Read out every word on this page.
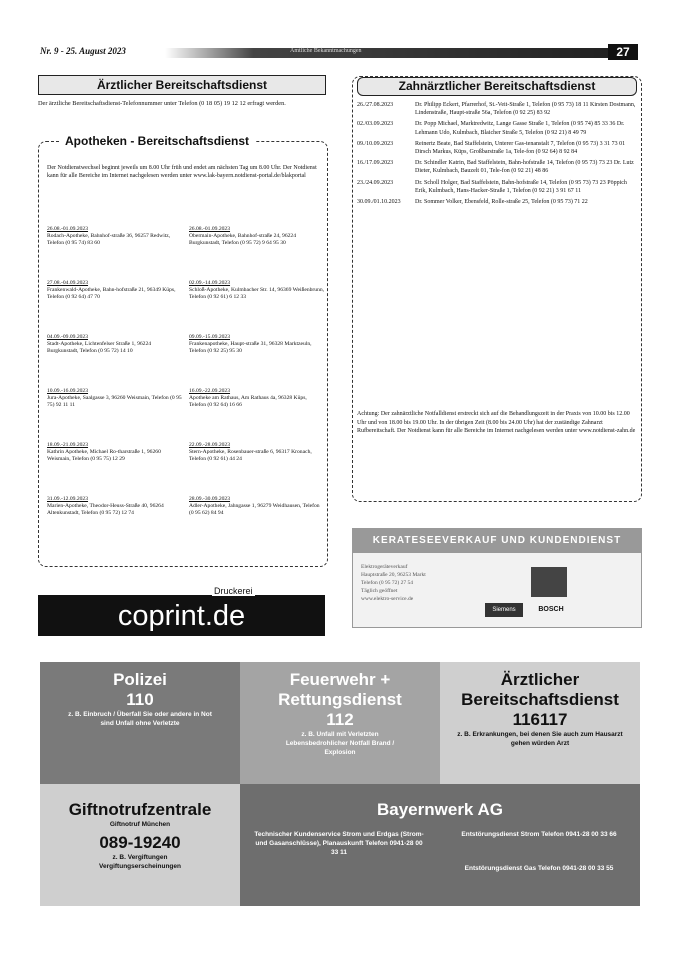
Nr. 9 - 25. August 2023	Amtliche Bekanntmachungen	27
Ärztlicher Bereitschaftsdienst
Der ärztliche Bereitschaftsdienst-Telefonnummer unter Telefon (0 18 05) 19 12 12 erfragt werden.
Apotheken - Bereitschaftsdienst
Der Notdienstwechsel beginnt jeweils um 8.00 Uhr früh und endet am nächsten Tag um 8.00 Uhr. Der Notdienst kann für alle Bereiche im Internet nachgelesen werden unter www.lak-bayern.notdienst-portal.de/blakportal
26.08.-01.09.2023
Rodach-Apotheke, Bahnhof-straße 36, 96257 Redwitz, Telefon (0 95 74) 83 60
26.08.-01.09.2023
Obermain-Apotheke, Bahnhof-straße 24, 96224 Burgkunstadt, Telefon (0 95 72) 9 64 95 30
27.08.-04.09.2023
Frankenwald-Apotheke, Bahn-hofstraße 21, 96349 Küps, Telefon (0 92 64) 47 70
02.09.-14.09.2023
Schloß-Apotheke, Kulmbacher Str. 14, 96369 Weißenbrunn, Telefon (0 92 61) 6 12 33
04.09.-09.09.2023
Stadt-Apotheke, Lichtenfelser Straße 1, 96224 Burgkunstadt, Telefon (0 95 72) 14 10
09.09.-15.09.2023
Frankenapotheke, Haupt-straße 31, 96328 Marktzeuln, Telefon (0 92 25) 95 30
10.09.-16.09.2023
Jura-Apotheke, Saalgasse 3, 96260 Weismain, Telefon (0 95 75) 92 11 11
16.09.-22.09.2023
Apotheke am Rathaus, Am Rathaus 4a, 96328 Küps, Telefon (0 92 64) 16 66
18.09.-21.09.2023
Kathrin Apotheke, Michael Ro-tharstraße 1, 96260 Weismain, Telefon (0 95 75) 12 29
22.09.-28.09.2023
Stern-Apotheke, Rosenbauer-straße 6, 96317 Kronach, Telefon (0 92 61) 44 24
31.09.-12.09.2023
Marien-Apotheke, Theodor-Heuss-Straße 40, 96264 Altenkunstadt, Telefon (0 95 72) 12 74
28.09.-30.09.2023
Adler-Apotheke, Jahngasse 1, 96279 Weidhausen, Telefon (0 95 62) 84 94
Zahnärztlicher Bereitschaftsdienst
26./27.08.2023	Dr. Philipp Eckert, Pfarrerhof, St.-Veit-Straße 1, Telefon (0 95 73) 18 11 Kirsten Dostmann, Lindenstraße, Haupt-straße 56a, Telefon (0 92 25) 83 92
02./03.09.2023	Dr. Popp Michael, Marktredwitz, Lange Gasse Straße 1, Telefon (0 95 74) 85 33 36 Dr. Lehmann Udo, Kulmbach, Blaicher Straße 5, Telefon (0 92 21) 8 49 79
09./10.09.2023	Reinertz Beate, Bad Staffelstein, Unterer Gas-tenanstalt 7, Telefon (0 95 73) 3 31 73 01 Dirsch Markus, Küps, Großbarstraße 1a, Tele-fon (0 92 64) 8 92 84
16./17.09.2023	Dr. Schindler Katrin, Bad Staffelstein, Bahn-hofstraße 14, Telefon (0 95 73) 73 23 Dr. Lutz Dieter, Kulmbach, Bauzelt 01, Tele-fon (0 92 21) 48 86
23./24.09.2023	Dr. Scholl Holger, Bad Staffelstein, Bahn-hofstraße 14, Telefon (0 95 73) 73 23 Pöppich Erik, Kulmbach, Hans-Hacker-Straße 1, Telefon (0 92 21) 3 91 67 11
30.09./01.10.2023	Dr. Sommer Volker, Ebensfeld, Rolle-straße 25, Telefon (0 95 73) 71 22
Achtung: Der zahnärztliche Notfalldienst erstreckt sich auf die Behandlungszeit in der Praxis von 10.00 bis 12.00 Uhr und von 18.00 bis 19.00 Uhr. In der übrigen Zeit (8.00 bis 24.00 Uhr) hat der zuständige Zahnarzt Rufbereitschaft. Der Notdienst kann für alle Bereiche im Internet nachgelesen werden unter www.notdienst-zahn.de
coprint.de
Druckerei
KERATESEEVERKAUF UND KUNDENDIENST
Elektrogeräteverkauf
Hauptstraße 20, 96253 Markt
Telefon (0 95 72) 27 54
Täglich geöffnet
www.elektro-service.de
Siemens	BOSCH
Polizei
110
z. B. Einbruch / Überfall Sie oder andere in Not sind Unfall ohne Verletzte
Feuerwehr + Rettungsdienst
112
z. B. Unfall mit Verletzten Lebensbedrohlicher Notfall Brand / Explosion
Ärztlicher Bereitschaftsdienst
116117
z. B. Erkrankungen, bei denen Sie auch zum Hausarzt gehen würden Arzt
Giftnotrufzentrale
Giftnotruf München
089-19240
z. B. Vergiftungen Vergiftungserscheinungen
Bayernwerk AG
Technischer Kundenservice Strom und Erdgas (Strom- und Gasanschlüsse), Planauskunft Telefon 0941-28 00 33 11
Entstörungsdienst Strom Telefon 0941-28 00 33 66
Entstörungsdienst Gas Telefon 0941-28 00 33 55
